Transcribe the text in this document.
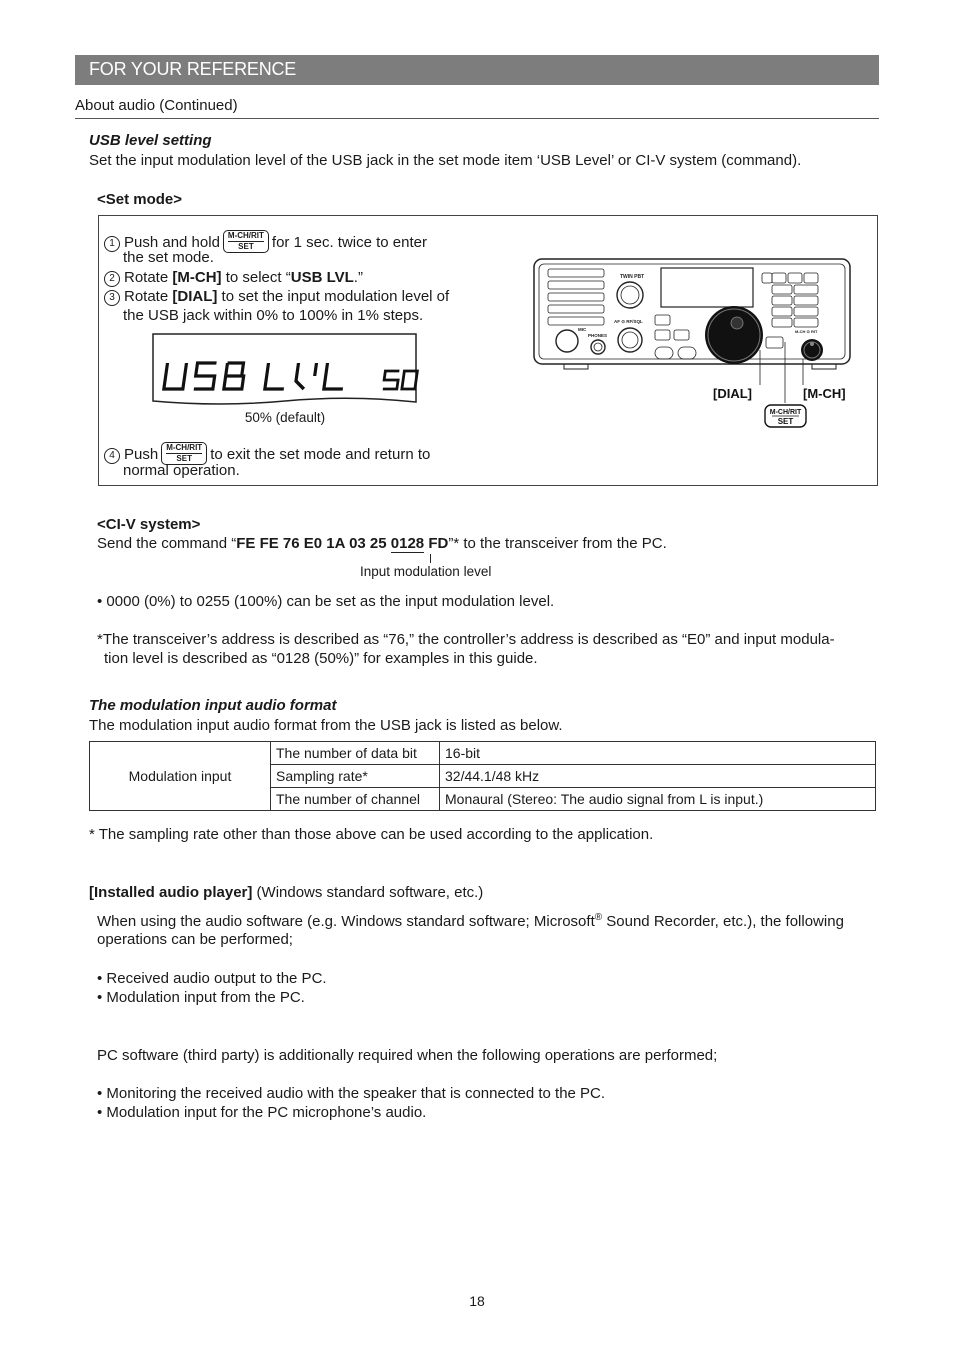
FOR YOUR REFERENCE
About audio (Continued)
USB level setting
Set the input modulation level of the USB jack in the set mode item ‘USB Level’ or CI-V system (command).
<Set mode>
1 Push and hold M-CH/RIT
SET	for 1 sec. twice to enter
the set mode.
2 Rotate [M-CH] to select “USB LVL.”
3 Rotate [DIAL] to set the input modulation level of
the USB jack within 0% to 100% in 1% steps.
50% (default)
4 Push M-CH/RIT
SET	to exit the set mode and return to
normal operation.
TWIN PBT
AF ⊙ RF/SQL
MIC
PHONES
M-CH ⊙ RIT
[DIAL]	[M-CH]
M-CH/RIT
SET
<CI-V system>
Send the command “FE FE 76 E0 1A 03 25 0128 FD”* to the transceiver from the PC.
Input modulation level
• 0000 (0%) to 0255 (100%) can be set as the input modulation level.
*The transceiver’s address is described as “76,” the controller’s address is described as “E0” and input modula-
tion level is described as “0128 (50%)” for examples in this guide.
The modulation input audio format
The modulation input audio format from the USB jack is listed as below.
Modulation input	The number of data bit	16-bit
	Sampling rate*	32/44.1/48 kHz
	The number of channel	Monaural (Stereo: The audio signal from L is input.)
* The sampling rate other than those above can be used according to the application.
[Installed audio player] (Windows standard software, etc.)
When using the audio software (e.g. Windows standard software; Microsoft® Sound Recorder, etc.), the following
operations can be performed;
• Received audio output to the PC.
• Modulation input from the PC.
PC software (third party) is additionally required when the following operations are performed;
• Monitoring the received audio with the speaker that is connected to the PC.
• Modulation input for the PC microphone’s audio.
18
